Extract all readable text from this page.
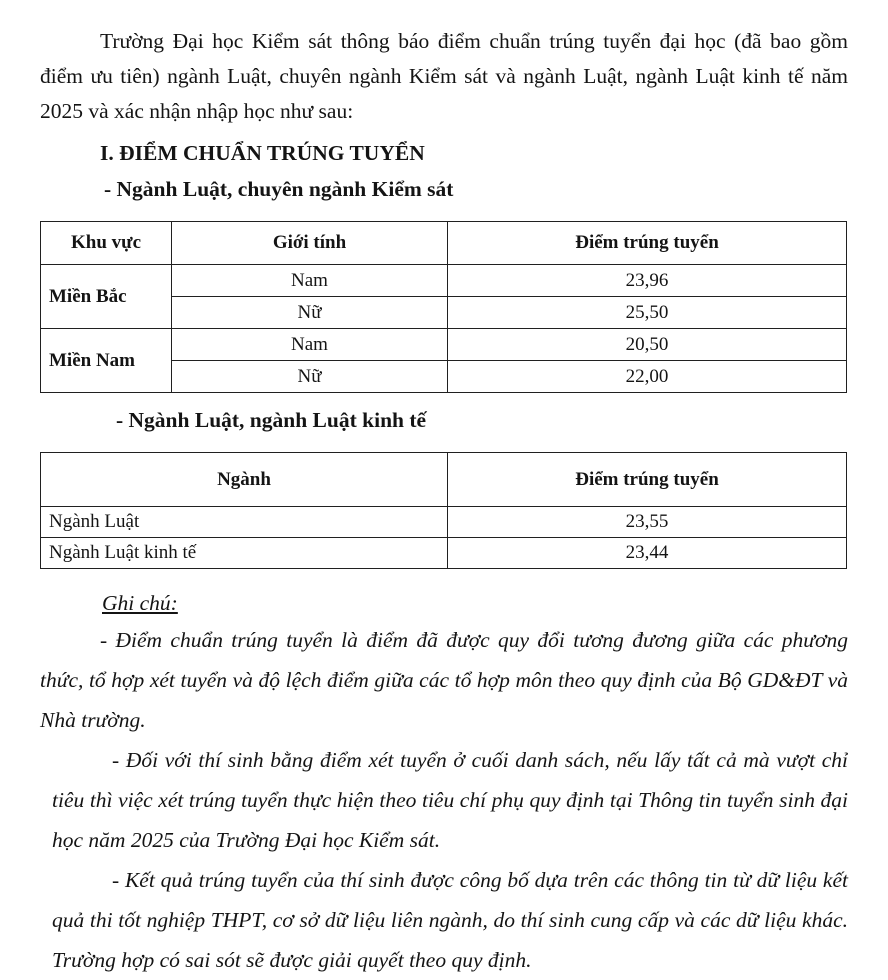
Trường Đại học Kiểm sát thông báo điểm chuẩn trúng tuyển đại học (đã bao gồm điểm ưu tiên) ngành Luật, chuyên ngành Kiểm sát và ngành Luật, ngành Luật kinh tế năm 2025 và xác nhận nhập học như sau:

I. ĐIỂM CHUẨN TRÚNG TUYỂN

- Ngành Luật, chuyên ngành Kiểm sát

Khu vực	Giới tính	Điểm trúng tuyển
Miền Bắc	Nam	23,96
	Nữ	25,50
Miền Nam	Nam	20,50
	Nữ	22,00

- Ngành Luật, ngành Luật kinh tế

Ngành	Điểm trúng tuyển
Ngành Luật	23,55
Ngành Luật kinh tế	23,44

Ghi chú:

- Điểm chuẩn trúng tuyển là điểm đã được quy đổi tương đương giữa các phương thức, tổ hợp xét tuyển và độ lệch điểm giữa các tổ hợp môn theo quy định của Bộ GD&ĐT và Nhà trường.

- Đối với thí sinh bằng điểm xét tuyển ở cuối danh sách, nếu lấy tất cả mà vượt chỉ tiêu thì việc xét trúng tuyển thực hiện theo tiêu chí phụ quy định tại Thông tin tuyển sinh đại học năm 2025 của Trường Đại học Kiểm sát.

- Kết quả trúng tuyển của thí sinh được công bố dựa trên các thông tin từ dữ liệu kết quả thi tốt nghiệp THPT, cơ sở dữ liệu liên ngành, do thí sinh cung cấp và các dữ liệu khác. Trường hợp có sai sót sẽ được giải quyết theo quy định.
